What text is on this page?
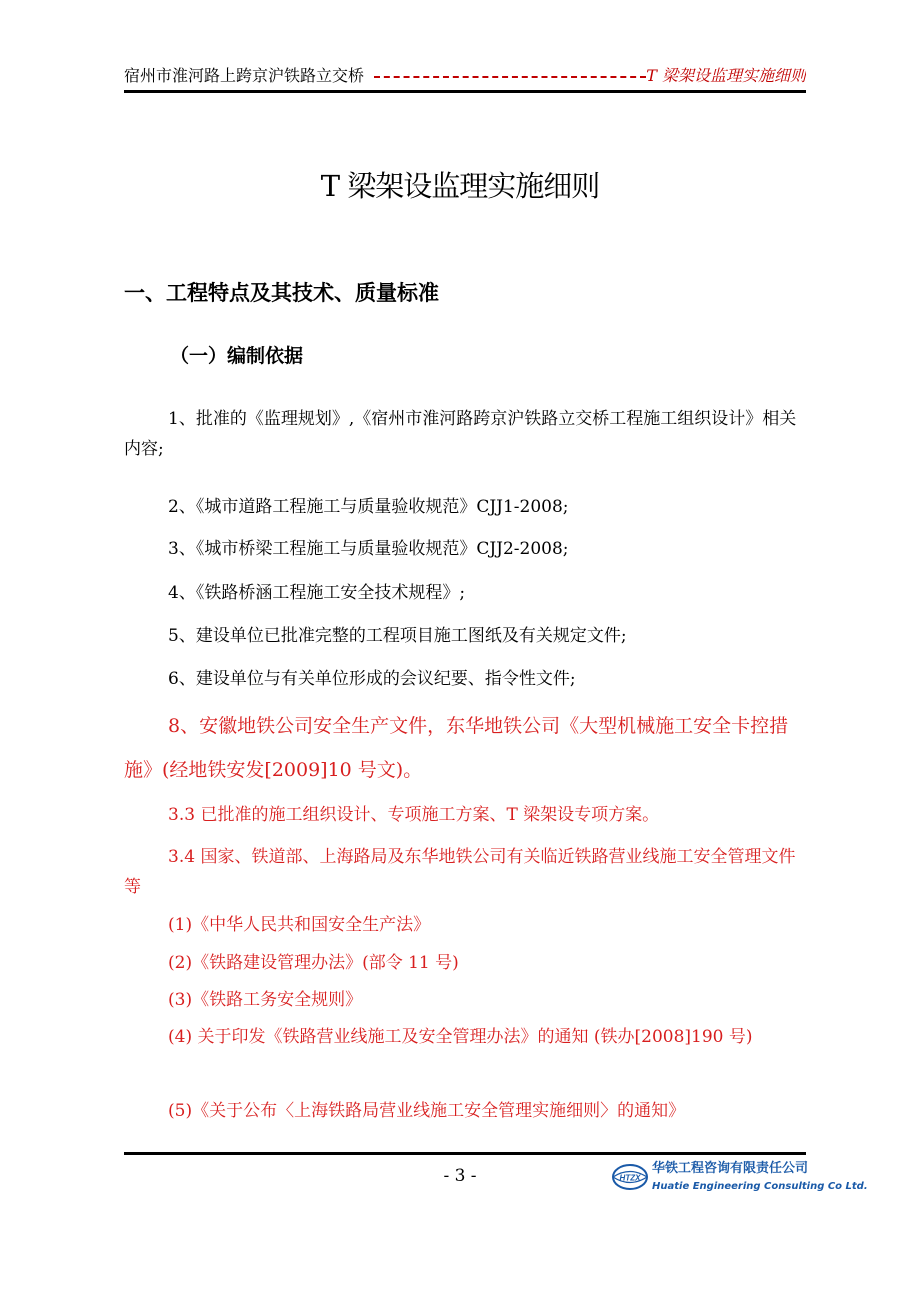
宿州市淮河路上跨京沪铁路立交桥	T 梁架设监理实施细则
T 梁架设监理实施细则
一、工程特点及其技术、质量标准
（一）编制依据
1、批准的《监理规划》,《宿州市淮河路跨京沪铁路立交桥工程施工组织设计》相关内容;
2、《城市道路工程施工与质量验收规范》CJJ1-2008;
3、《城市桥梁工程施工与质量验收规范》CJJ2-2008;
4、《铁路桥涵工程施工安全技术规程》;
5、建设单位已批准完整的工程项目施工图纸及有关规定文件;
6、建设单位与有关单位形成的会议纪要、指令性文件;
8、安徽地铁公司安全生产文件，东华地铁公司《大型机械施工安全卡控措施》(经地铁安发[2009]10 号文)。
3.3 已批准的施工组织设计、专项施工方案、T 梁架设专项方案。
3.4 国家、铁道部、上海路局及东华地铁公司有关临近铁路营业线施工安全管理文件等
(1)《中华人民共和国安全生产法》
(2)《铁路建设管理办法》(部令 11 号)
(3)《铁路工务安全规则》
(4) 关于印发《铁路营业线施工及安全管理办法》的通知 (铁办[2008]190 号)
(5)《关于公布〈上海铁路局营业线施工安全管理实施细则〉的通知》
- 3 -	HTZX
华铁工程咨询有限责任公司
Huatie Engineering Consulting Co Ltd.
